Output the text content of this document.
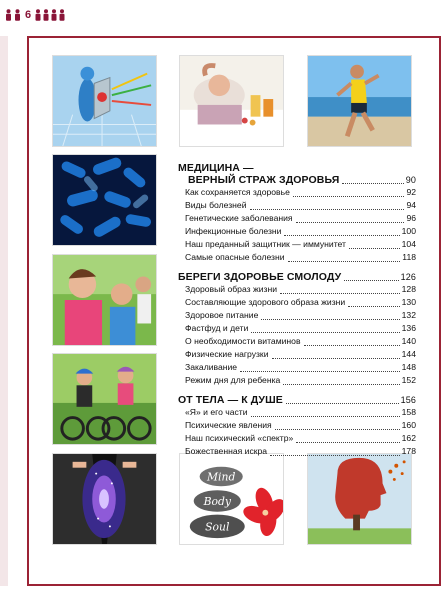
6
Mind
Body
Soul
МЕДИЦИНА —
ВЕРНЫЙ СТРАЖ ЗДОРОВЬЯ	90
Как сохраняется здоровье	92
Виды болезней	94
Генетические заболевания	96
Инфекционные болезни	100
Наш преданный защитник — иммунитет	104
Самые опасные болезни	118
БЕРЕГИ ЗДОРОВЬЕ СМОЛОДУ	126
Здоровый образ жизни	128
Составляющие здорового образа жизни	130
Здоровое питание	132
Фастфуд и дети	136
О необходимости витаминов	140
Физические нагрузки	144
Закаливание	148
Режим дня для ребенка	152
ОТ ТЕЛА — К ДУШЕ	156
«Я» и его части	158
Психические явления	160
Наш психический «спектр»	162
Божественная искра	178
